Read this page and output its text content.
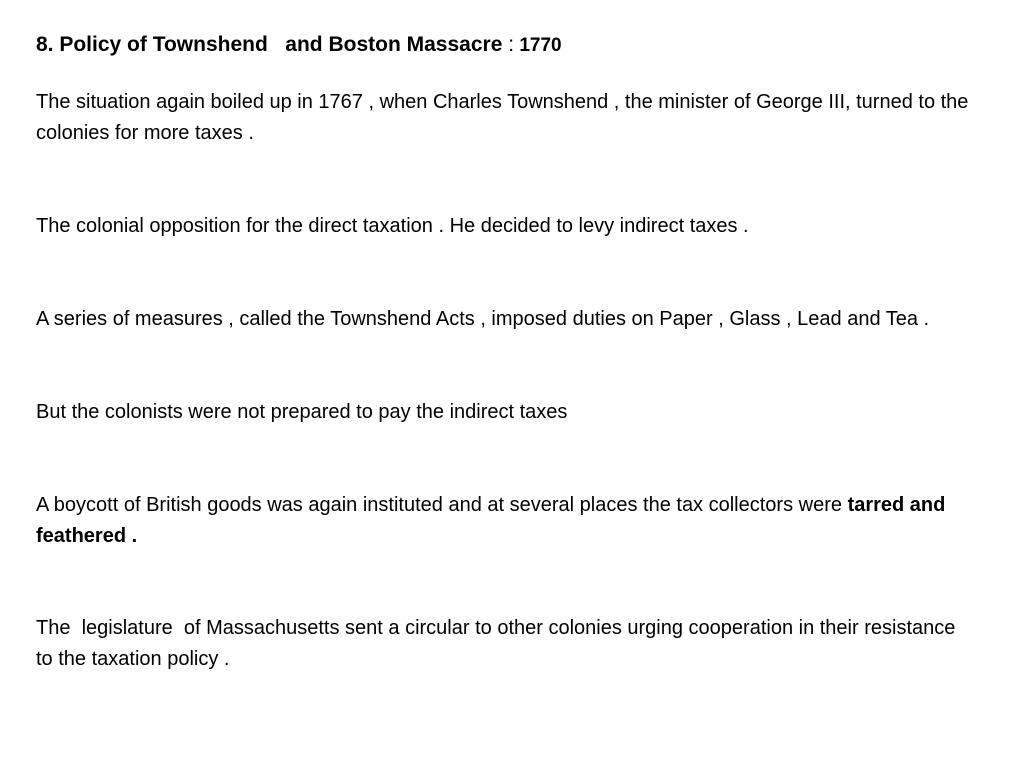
8. Policy of Townshend   and Boston Massacre : 1770

The situation again boiled up in 1767 , when Charles Townshend , the minister of George III, turned to the colonies for more taxes .

The colonial opposition for the direct taxation . He decided to levy indirect taxes .

A series of measures , called the Townshend Acts , imposed duties on Paper , Glass , Lead and Tea .

But the colonists were not prepared to pay the indirect taxes

A boycott of British goods was again instituted and at several places the tax collectors were tarred and feathered .

The  legislature  of Massachusetts sent a circular to other colonies urging cooperation in their resistance to the taxation policy .
